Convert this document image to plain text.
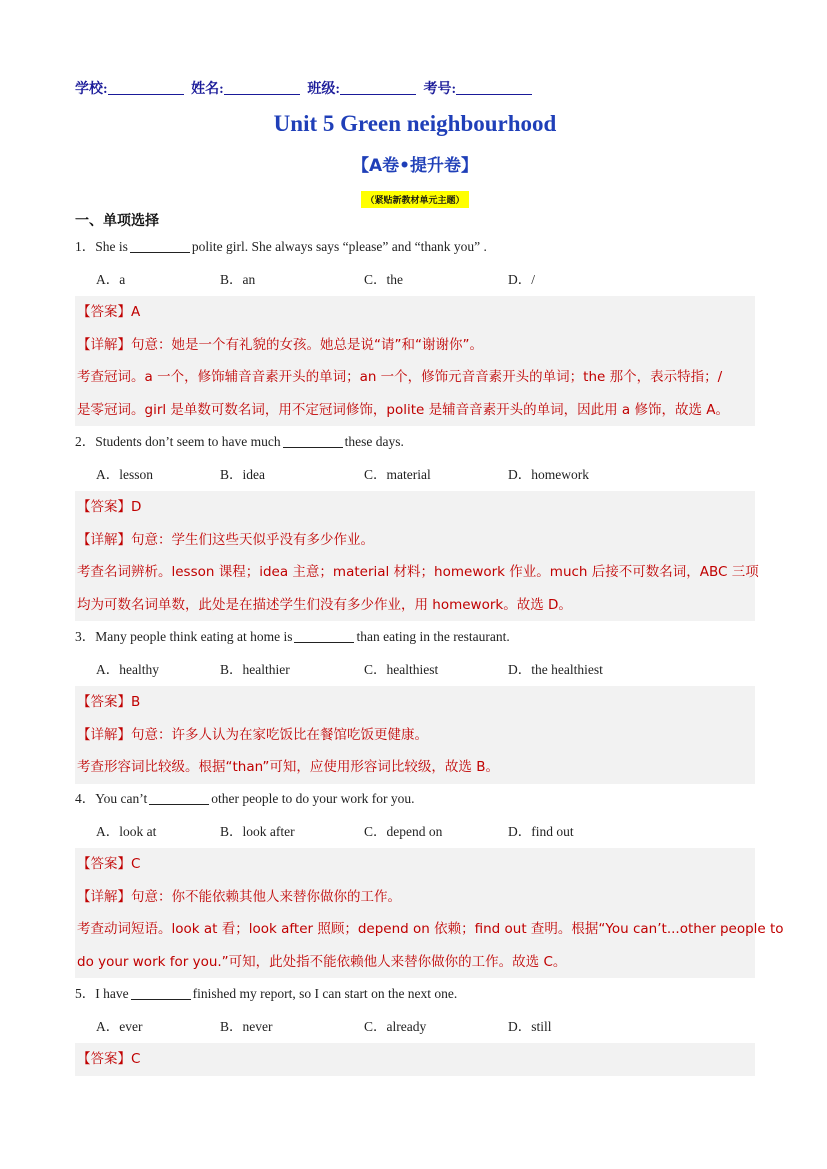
学校:	姓名:	班级:	考号:
Unit 5 Green neighbourhood
【A卷•提升卷】
（紧贴新教材单元主题）
一、单项选择
1．She is	polite girl. She always says “please” and “thank you” .
A．a	B．an	C．the	D．/
【答案】A
【详解】句意：她是一个有礼貌的女孩。她总是说“请”和“谢谢你”。
考查冠词。a 一个，修饰辅音音素开头的单词；an 一个，修饰元音音素开头的单词；the 那个，表示特指；/
是零冠词。girl 是单数可数名词，用不定冠词修饰，polite 是辅音音素开头的单词，因此用 a 修饰，故选 A。
2．Students don’t seem to have much	these days.
A．lesson	B．idea	C．material	D．homework
【答案】D
【详解】句意：学生们这些天似乎没有多少作业。
考查名词辨析。lesson 课程；idea 主意；material 材料；homework 作业。much 后接不可数名词，ABC 三项
均为可数名词单数，此处是在描述学生们没有多少作业，用 homework。故选 D。
3．Many people think eating at home is	than eating in the restaurant.
A．healthy	B．healthier	C．healthiest	D．the healthiest
【答案】B
【详解】句意：许多人认为在家吃饭比在餐馆吃饭更健康。
考查形容词比较级。根据“than”可知，应使用形容词比较级，故选 B。
4．You can’t	other people to do your work for you.
A．look at	B．look after	C．depend on	D．find out
【答案】C
【详解】句意：你不能依赖其他人来替你做你的工作。
考查动词短语。look at 看；look after 照顾；depend on 依赖；find out 查明。根据“You can’t...other people to
do your work for you.”可知，此处指不能依赖他人来替你做你的工作。故选 C。
5．I have	finished my report, so I can start on the next one.
A．ever	B．never	C．already	D．still
【答案】C
